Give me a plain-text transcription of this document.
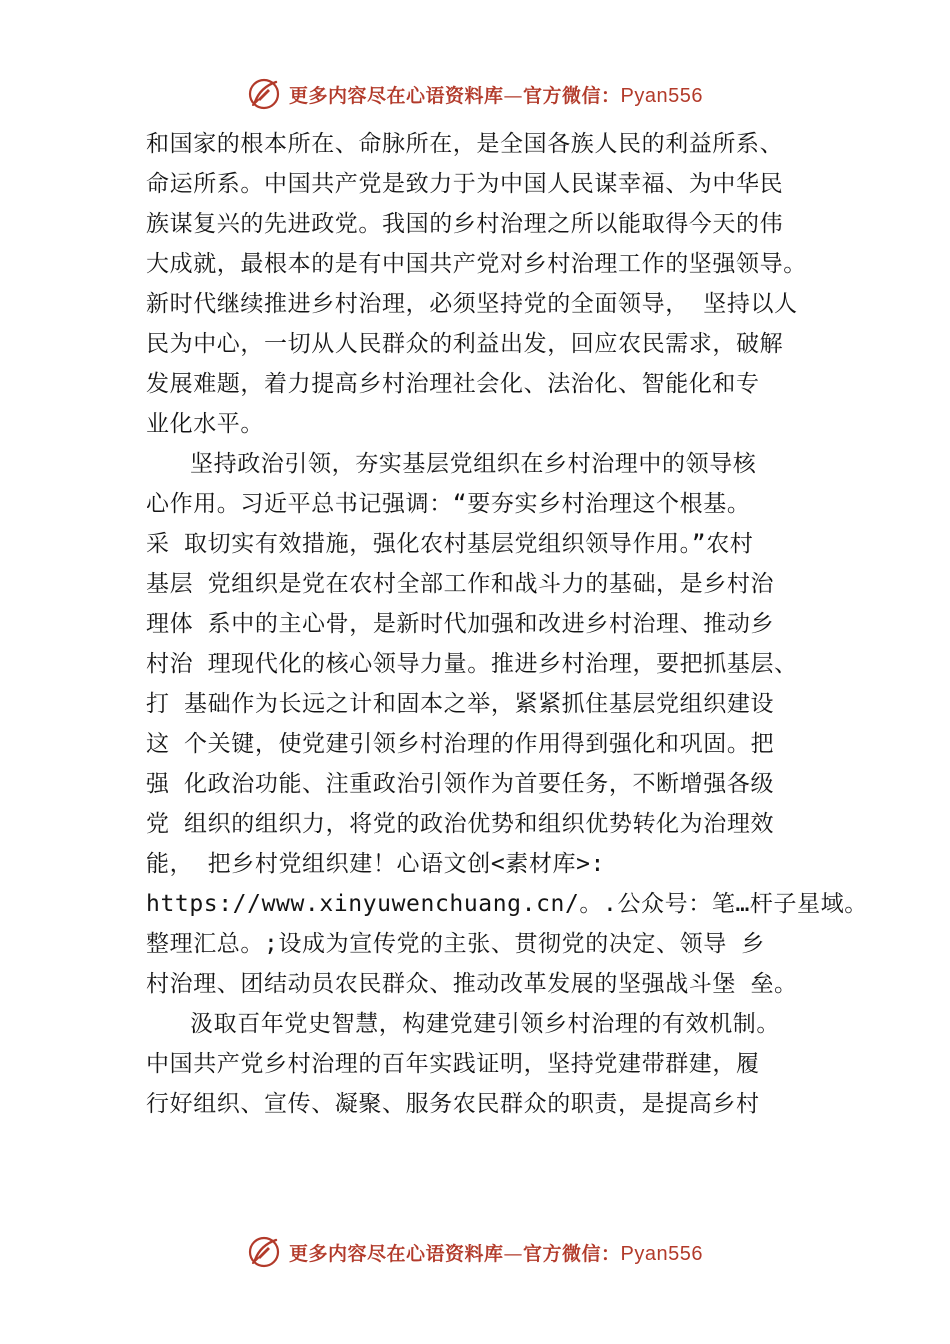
更多内容尽在心语资料库—官方微信：Pyan556
和国家的根本所在、命脉所在，是全国各族人民的利益所系、
命运所系。中国共产党是致力于为中国人民谋幸福、为中华民
族谋复兴的先进政党。我国的乡村治理之所以能取得今天的伟
大成就，最根本的是有中国共产党对乡村治理工作的坚强领导。
新时代继续推进乡村治理，必须坚持党的全面领导， 坚持以人
民为中心，一切从人民群众的利益出发，回应农民需求，破解
发展难题，着力提高乡村治理社会化、法治化、智能化和专
业化水平。
坚持政治引领，夯实基层党组织在乡村治理中的领导核
心作用。习近平总书记强调：“要夯实乡村治理这个根基。
采 取切实有效措施，强化农村基层党组织领导作用。”农村
基层 党组织是党在农村全部工作和战斗力的基础，是乡村治
理体 系中的主心骨，是新时代加强和改进乡村治理、推动乡
村治 理现代化的核心领导力量。推进乡村治理，要把抓基层、
打 基础作为长远之计和固本之举，紧紧抓住基层党组织建设
这 个关键，使党建引领乡村治理的作用得到强化和巩固。把
强 化政治功能、注重政治引领作为首要任务，不断增强各级
党 组织的组织力，将党的政治优势和组织优势转化为治理效
能， 把乡村党组织建！心语文创<素材库>:
https://www.xinyuwenchuang.cn/。.公众号：笔…杆子星域。
整理汇总。;设成为宣传党的主张、贯彻党的决定、领导 乡
村治理、团结动员农民群众、推动改革发展的坚强战斗堡 垒。
汲取百年党史智慧，构建党建引领乡村治理的有效机制。
中国共产党乡村治理的百年实践证明，坚持党建带群建，履
行好组织、宣传、凝聚、服务农民群众的职责，是提高乡村
更多内容尽在心语资料库—官方微信：Pyan556
